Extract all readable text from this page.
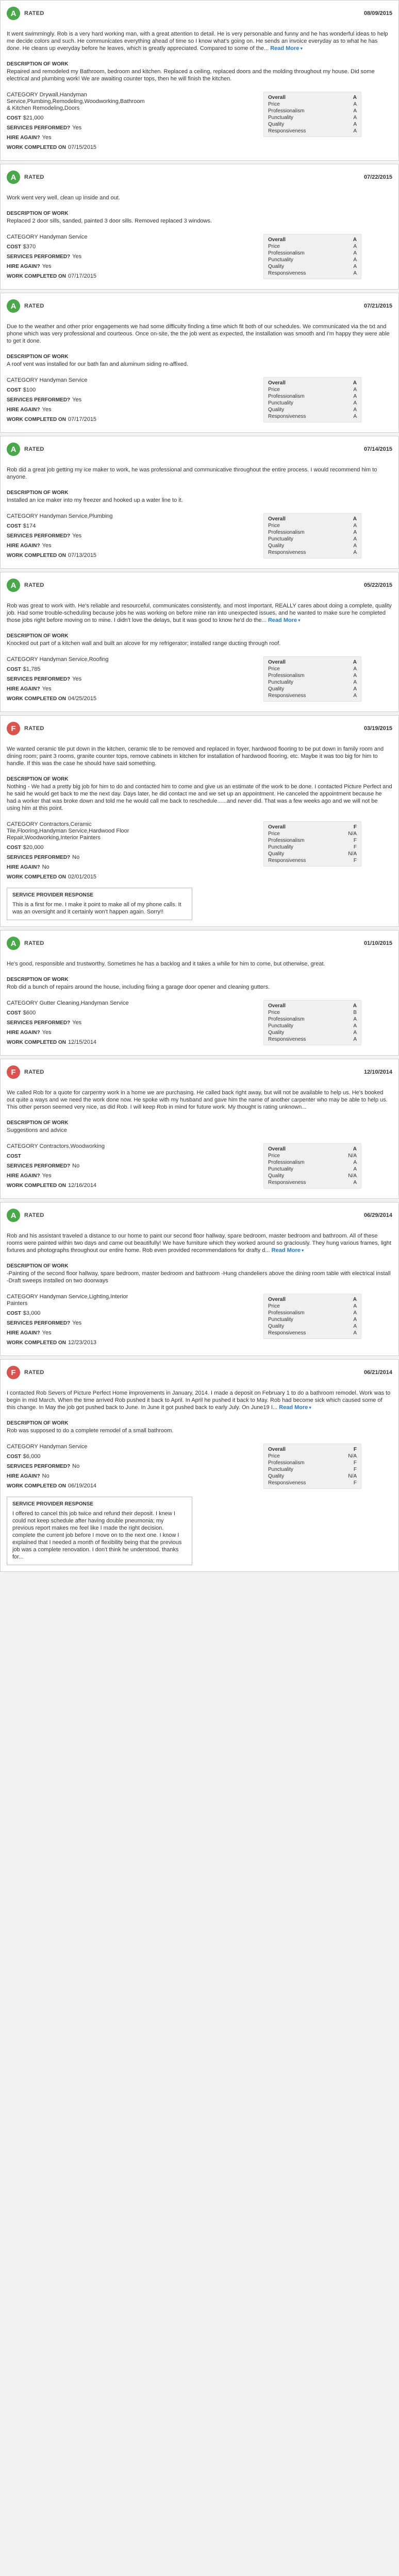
A	RATED	08/09/2015
It went swimmingly. Rob is a very hard working man, with a great attention to detail. He is very personable and funny and he has wonderful ideas to help me decide colors and such. He communicates everything ahead of time so I know what's going on. He sends an invoice everyday as to what he has done. He cleans up everyday before he leaves, which is greatly appreciated. Compared to some of the... Read More ▾
DESCRIPTION OF WORK
Repaired and remodeled my Bathroom, bedroom and kitchen. Replaced a ceiling, replaced doors and the molding throughout my house. Did some electrical and plumbing work! We are awaiting counter tops, then he will finish the kitchen.
CATEGORY Drywall,Handyman Service,Plumbing,Remodeling,Woodworking,Bathroom & Kitchen Remodeling,Doors
COST $21,000
SERVICES PERFORMED? Yes
HIRE AGAIN? Yes
WORK COMPLETED ON 07/15/2015
Overall	A
Price	A
Professionalism	A
Punctuality	A
Quality	A
Responsiveness	A
A	RATED	07/22/2015
Work went very well, clean up inside and out.
DESCRIPTION OF WORK
Replaced 2 door sills, sanded, painted 3 door sills. Removed replaced 3 windows.
CATEGORY Handyman Service
COST $370
SERVICES PERFORMED? Yes
HIRE AGAIN? Yes
WORK COMPLETED ON 07/17/2015
Overall	A
Price	A
Professionalism	A
Punctuality	A
Quality	A
Responsiveness	A
A	RATED	07/21/2015
Due to the weather and other prior engagements we had some difficulty finding a time which fit both of our schedules. We communicated via the txt and phone which was very professional and courteous. Once on-site, the the job went as expected, the installation was smooth and I'm happy they were able to get it done.
DESCRIPTION OF WORK
A roof vent was installed for our bath fan and aluminum siding re-affixed.
CATEGORY Handyman Service
COST $100
SERVICES PERFORMED? Yes
HIRE AGAIN? Yes
WORK COMPLETED ON 07/17/2015
Overall	A
Price	A
Professionalism	A
Punctuality	A
Quality	A
Responsiveness	A
A	RATED	07/14/2015
Rob did a great job getting my ice maker to work, he was professional and communicative throughout the entire process. I would recommend him to anyone.
DESCRIPTION OF WORK
Installed an ice maker into my freezer and hooked up a water line to it.
CATEGORY Handyman Service,Plumbing
COST $174
SERVICES PERFORMED? Yes
HIRE AGAIN? Yes
WORK COMPLETED ON 07/13/2015
Overall	A
Price	A
Professionalism	A
Punctuality	A
Quality	A
Responsiveness	A
A	RATED	05/22/2015
Rob was great to work with. He's reliable and resourceful, communicates consistently, and most important, REALLY cares about doing a complete, quality job. Had some trouble-scheduling because jobs he was working on before mine ran into unexpected issues, and he wanted to make sure he completed those jobs right before moving on to mine. I didn't love the delays, but it was good to know he'd do the... Read More ▾
DESCRIPTION OF WORK
Knocked out part of a kitchen wall and built an alcove for my refrigerator; installed range ducting through roof.
CATEGORY Handyman Service,Roofing
COST $1,785
SERVICES PERFORMED? Yes
HIRE AGAIN? Yes
WORK COMPLETED ON 04/25/2015
Overall	A
Price	A
Professionalism	A
Punctuality	A
Quality	A
Responsiveness	A
F	RATED	03/19/2015
We wanted ceramic tile put down in the kitchen, ceramic tile to be removed and replaced in foyer, hardwood flooring to be put down in family room and dining room; paint 3 rooms, granite counter tops, remove cabinets in kitchen for installation of hardwood flooring, etc. Maybe it was too big for him to handle. If this was the case he should have said something.
DESCRIPTION OF WORK
Nothing - We had a pretty big job for him to do and contacted him to come and give us an estimate of the work to be done. I contacted Picture Perfect and he said he would get back to me the next day. Days later, he did contact me and we set up an appointment. He canceled the appointment because he had a worker that was broke down and told me he would call me back to reschedule......and never did. That was a few weeks ago and we will not be using him at this point.
CATEGORY Contractors,Ceramic Tile,Flooring,Handyman Service,Hardwood Floor Repair,Woodworking,Interior Painters
COST $20,000
SERVICES PERFORMED? No
HIRE AGAIN? No
WORK COMPLETED ON 02/01/2015
SERVICE PROVIDER RESPONSE
This is a first for me. I make it point to make all of my phone calls. It was an oversight and it certainly won't happen again. Sorry!!
Overall	F
Price	N/A
Professionalism	F
Punctuality	F
Quality	N/A
Responsiveness	F
A	RATED	01/10/2015
He's good, responsible and trustworthy. Sometimes he has a backlog and it takes a while for him to come, but otherwise, great.
DESCRIPTION OF WORK
Rob did a bunch of repairs around the house, including fixing a garage door opener and cleaning gutters.
CATEGORY Gutter Cleaning,Handyman Service
COST $600
SERVICES PERFORMED? Yes
HIRE AGAIN? Yes
WORK COMPLETED ON 12/15/2014
Overall	A
Price	B
Professionalism	A
Punctuality	A
Quality	A
Responsiveness	A
F	RATED	12/10/2014
We called Rob for a quote for carpentry work in a home we are purchasing. He called back right away, but will not be available to help us. He's booked out quite a ways and we need the work done now. He spoke with my husband and gave him the name of another carpenter who may be able to help us. This other person seemed very nice, as did Rob. I will keep Rob in mind for future work. My thought is rating unknown...
DESCRIPTION OF WORK
Suggestions and advice
CATEGORY Contractors,Woodworking
COST
SERVICES PERFORMED? No
HIRE AGAIN? Yes
WORK COMPLETED ON 12/16/2014
Overall	A
Price	N/A
Professionalism	A
Punctuality	A
Quality	N/A
Responsiveness	A
A	RATED	06/29/2014
Rob and his assistant traveled a distance to our home to paint our second floor hallway, spare bedroom, master bedroom and bathroom. All of these rooms were painted within two days and came out beautifully! We have furniture which they worked around so graciously. They hung various frames, light fixtures and photographs throughout our entire home. Rob even provided recommendations for drafty d... Read More ▾
DESCRIPTION OF WORK
-Painting of the second floor hallway, spare bedroom, master bedroom and bathroom -Hung chandeliers above the dining room table with electrical install -Draft sweeps installed on two doorways
CATEGORY Handyman Service,Lighting,Interior Painters
COST $3,000
SERVICES PERFORMED? Yes
HIRE AGAIN? Yes
WORK COMPLETED ON 12/23/2013
Overall	A
Price	A
Professionalism	A
Punctuality	A
Quality	A
Responsiveness	A
F	RATED	06/21/2014
I contacted Rob Severs of Picture Perfect Home improvements in January, 2014. I made a deposit on February 1 to do a bathroom remodel. Work was to begin in mid March. When the time arrived Rob pushed it back to April. In April he pushed it back to May. Rob had become sick which caused some of this change. In May the job got pushed back to June. In June it got pushed back to early July. On June19 I... Read More ▾
DESCRIPTION OF WORK
Rob was supposed to do a complete remodel of a small bathroom.
CATEGORY Handyman Service
COST $6,000
SERVICES PERFORMED? No
HIRE AGAIN? No
WORK COMPLETED ON 06/19/2014
SERVICE PROVIDER RESPONSE
I offered to cancel this job twice and refund their deposit. I knew I could not keep schedule after having double pneumonia; my previous report makes me feel like I made the right decision. complete the current job before I move on to the next one. I know I explained that I needed a month of flexibility being that the previous job was a complete renovation. I don't think he understood. thanks for...
Overall	F
Price	N/A
Professionalism	F
Punctuality	F
Quality	N/A
Responsiveness	F
